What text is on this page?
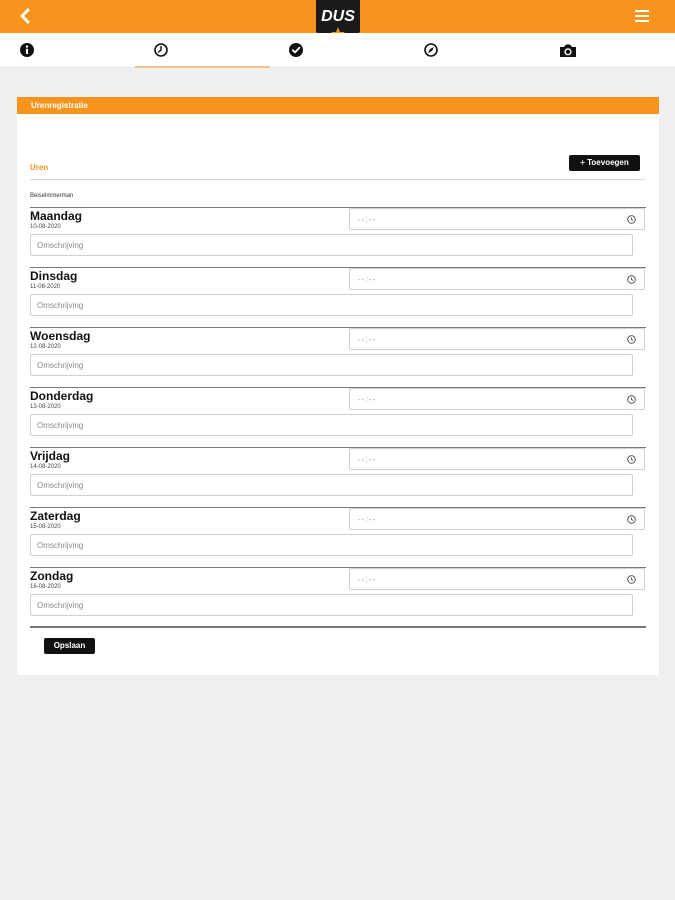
DUS
Urenregistratie
Uren
+ Toevoegen
Beiselmmerman
Maandag
10-08-2020
--:--
Omschrijving
Dinsdag
11-08-2020
--:--
Omschrijving
Woensdag
12-08-2020
--:--
Omschrijving
Donderdag
13-08-2020
--:--
Omschrijving
Vrijdag
14-08-2020
--:--
Omschrijving
Zaterdag
15-08-2020
--:--
Omschrijving
Zondag
16-08-2020
--:--
Omschrijving
Opslaan
